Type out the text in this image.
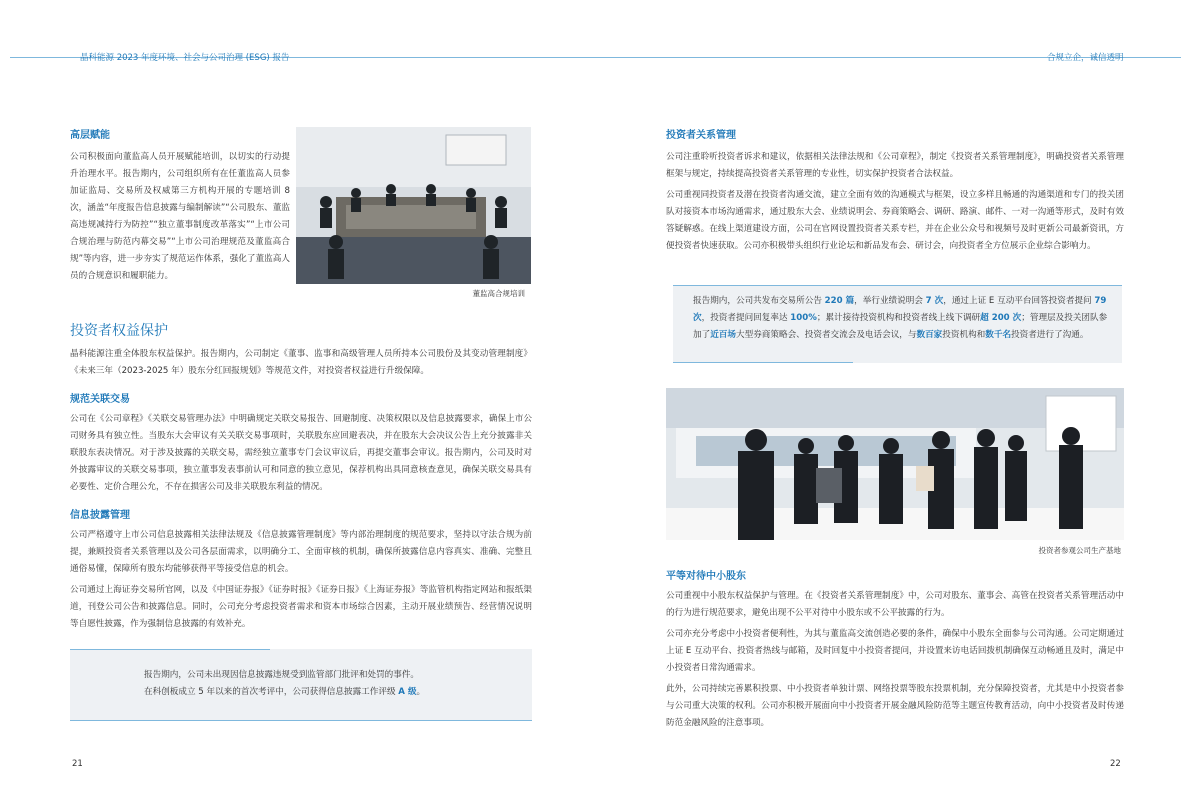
晶科能源 2023 年度环境、社会与公司治理 (ESG) 报告	合规立企，诚信透明
高层赋能

公司积极面向董监高人员开展赋能培训，以切实的行动提升治理水平。报告期内，公司组织所有在任董监高人员参加证监局、交易所及权威第三方机构开展的专题培训 8 次，涵盖“年度报告信息披露与编制解读”“公司股东、董监高违规减持行为防控”“独立董事制度改革落实”“上市公司合规治理与防范内幕交易”“上市公司治理规范及董监高合规”等内容，进一步夯实了规范运作体系，强化了董监高人员的合规意识和履职能力。

董监高合规培训
投资者权益保护

晶科能源注重全体股东权益保护。报告期内，公司制定《董事、监事和高级管理人员所持本公司股份及其变动管理制度》《未来三年（2023-2025 年）股东分红回报规划》等规范文件，对投资者权益进行升级保障。

规范关联交易

公司在《公司章程》《关联交易管理办法》中明确规定关联交易报告、回避制度、决策权限以及信息披露要求，确保上市公司财务具有独立性。当股东大会审议有关关联交易事项时，关联股东应回避表决，并在股东大会决议公告上充分披露非关联股东表决情况。对于涉及披露的关联交易，需经独立董事专门会议审议后，再提交董事会审议。报告期内，公司及时对外披露审议的关联交易事项，独立董事发表事前认可和同意的独立意见，保荐机构出具同意核查意见，确保关联交易具有必要性、定价合理公允，不存在损害公司及非关联股东利益的情况。

信息披露管理

公司严格遵守上市公司信息披露相关法律法规及《信息披露管理制度》等内部治理制度的规范要求，坚持以守法合规为前提，兼顾投资者关系管理以及公司各层面需求，以明确分工、全面审核的机制，确保所披露信息内容真实、准确、完整且通俗易懂，保障所有股东均能够获得平等接受信息的机会。

公司通过上海证券交易所官网，以及《中国证券报》《证券时报》《证券日报》《上海证券报》等监管机构指定网站和报纸渠道，刊登公司公告和披露信息。同时，公司充分考虑投资者需求和资本市场综合因素，主动开展业绩预告、经营情况说明等自愿性披露，作为强制信息披露的有效补充。

报告期内，公司未出现因信息披露违规受到监管部门批评和处罚的事件。
在科创板成立 5 年以来的首次考评中，公司获得信息披露工作评级 A 级。
21
投资者关系管理

公司注重聆听投资者诉求和建议，依据相关法律法规和《公司章程》，制定《投资者关系管理制度》，明确投资者关系管理框架与规定，持续提高投资者关系管理的专业性，切实保护投资者合法权益。

公司重视同投资者及潜在投资者沟通交流，建立全面有效的沟通模式与框架，设立多样且畅通的沟通渠道和专门的投关团队对接资本市场沟通需求，通过股东大会、业绩说明会、券商策略会、调研、路演、邮件、一对一沟通等形式，及时有效答疑解惑。在线上渠道建设方面，公司在官网设置投资者关系专栏，并在企业公众号和视频号及时更新公司最新资讯，方便投资者快速获取。公司亦积极带头组织行业论坛和新品发布会、研讨会，向投资者全方位展示企业综合影响力。

报告期内，公司共发布交易所公告 220 篇，举行业绩说明会 7 次，通过上证 E 互动平台回答投资者提问 79 次，投资者提问回复率达 100%；累计接待投资机构和投资者线上线下调研超 200 次；管理层及投关团队参加了近百场大型券商策略会、投资者交流会及电话会议，与数百家投资机构和数千名投资者进行了沟通。

投资者参观公司生产基地
平等对待中小股东

公司重视中小股东权益保护与管理。在《投资者关系管理制度》中，公司对股东、董事会、高管在投资者关系管理活动中的行为进行规范要求，避免出现不公平对待中小股东或不公平披露的行为。

公司亦充分考虑中小投资者便利性，为其与董监高交流创造必要的条件，确保中小股东全面参与公司沟通。公司定期通过上证 E 互动平台、投资者热线与邮箱，及时回复中小投资者提问，并设置来访电话回拨机制确保互动畅通且及时，满足中小投资者日常沟通需求。

此外，公司持续完善累积投票、中小投资者单独计票、网络投票等股东投票机制，充分保障投资者，尤其是中小投资者参与公司重大决策的权利。公司亦积极开展面向中小投资者开展金融风险防范等主题宣传教育活动，向中小投资者及时传递防范金融风险的注意事项。

22
